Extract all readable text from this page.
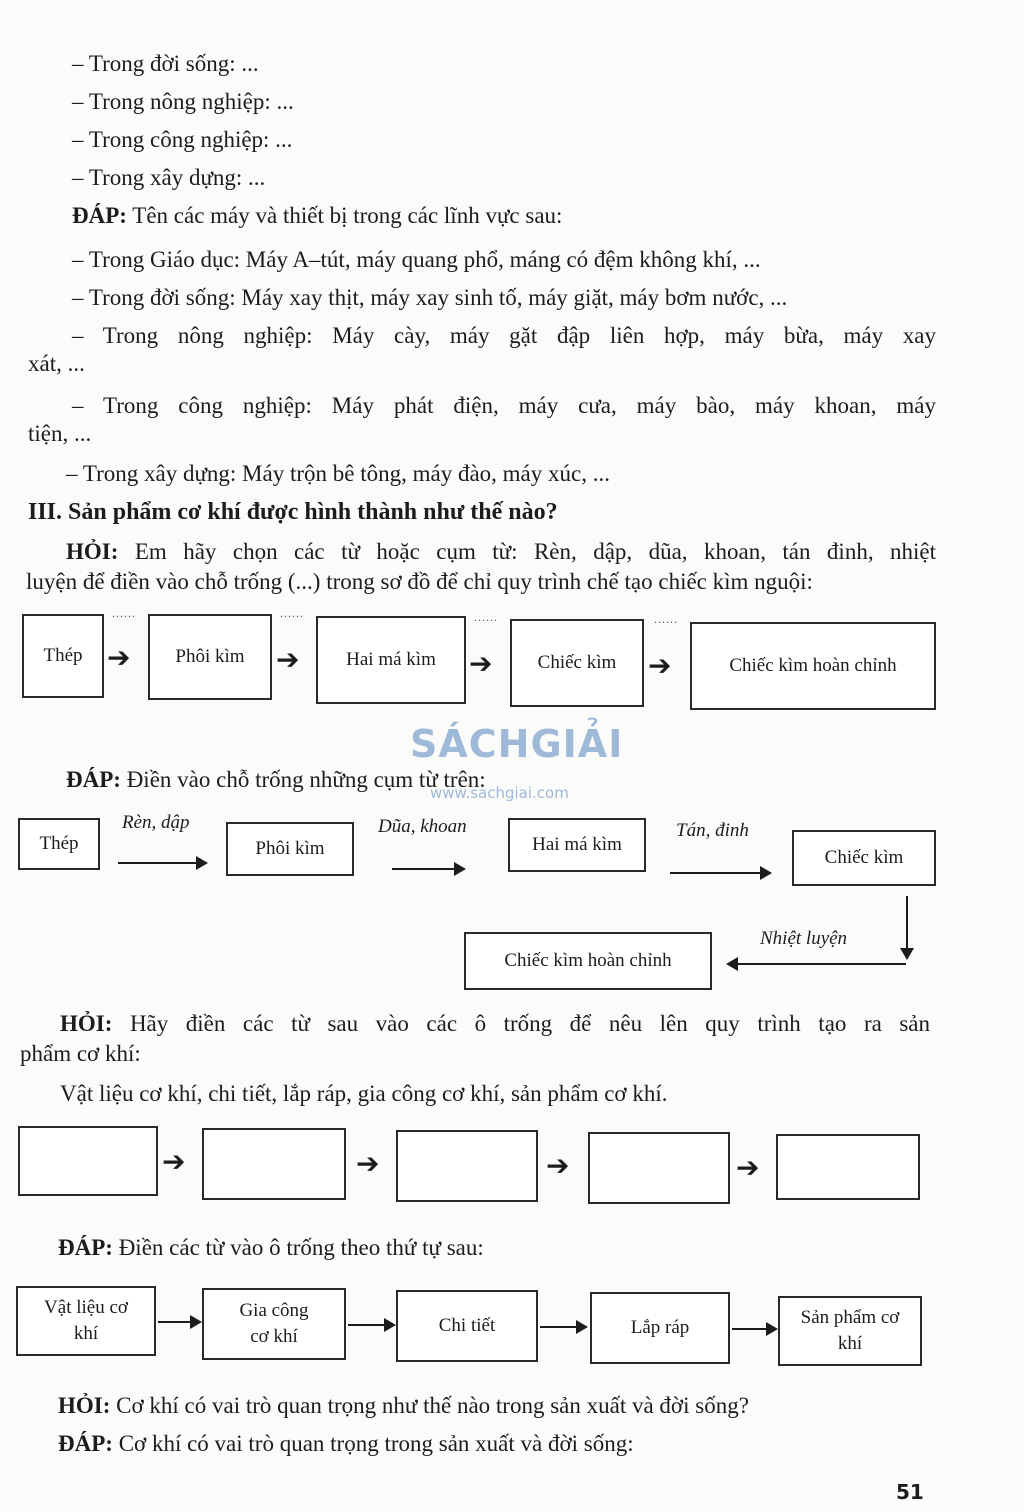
– Trong đời sống: ...
– Trong nông nghiệp: ...
– Trong công nghiệp: ...
– Trong xây dựng: ...
ĐÁP: Tên các máy và thiết bị trong các lĩnh vực sau:
– Trong Giáo dục: Máy A–tút, máy quang phổ, máng có đệm không khí, ...
– Trong đời sống: Máy xay thịt, máy xay sinh tố, máy giặt, máy bơm nước, ...
– Trong nông nghiệp: Máy cày, máy gặt đập liên hợp, máy bừa, máy xay
xát, ...
– Trong công nghiệp: Máy phát điện, máy cưa, máy bào, máy khoan, máy
tiện, ...
– Trong xây dựng: Máy trộn bê tông, máy đào, máy xúc, ...
III. Sản phẩm cơ khí được hình thành như thế nào?
HỎI: Em hãy chọn các từ hoặc cụm từ: Rèn, dập, dũa, khoan, tán đinh, nhiệt
luyện để điền vào chỗ trống (...) trong sơ đồ để chỉ quy trình chế tạo chiếc kìm nguội:
Thép
......
➔	Phôi kìm
......
➔	Hai má kìm
......
➔	Chiếc kìm
......
➔	Chiếc kìm hoàn chỉnh
SÁCHGIẢI
www.sachgiai.com
ĐÁP: Điền vào chỗ trống những cụm từ trên:
Thép
Rèn, dập
Phôi kìm
Dũa, khoan
Hai má kìm
Tán, đinh
Chiếc kìm
Nhiệt luyện
Chiếc kìm hoàn chỉnh
HỎI: Hãy điền các từ sau vào các ô trống để nêu lên quy trình tạo ra sản
phẩm cơ khí:
Vật liệu cơ khí, chi tiết, lắp ráp, gia công cơ khí, sản phẩm cơ khí.
➔	➔	➔	➔
ĐÁP: Điền các từ vào ô trống theo thứ tự sau:
Vật liệu cơ khí
Gia công cơ khí
Chi tiết	Lắp ráp	Sản phẩm cơ khí
HỎI: Cơ khí có vai trò quan trọng như thế nào trong sản xuất và đời sống?
ĐÁP: Cơ khí có vai trò quan trọng trong sản xuất và đời sống:
51
